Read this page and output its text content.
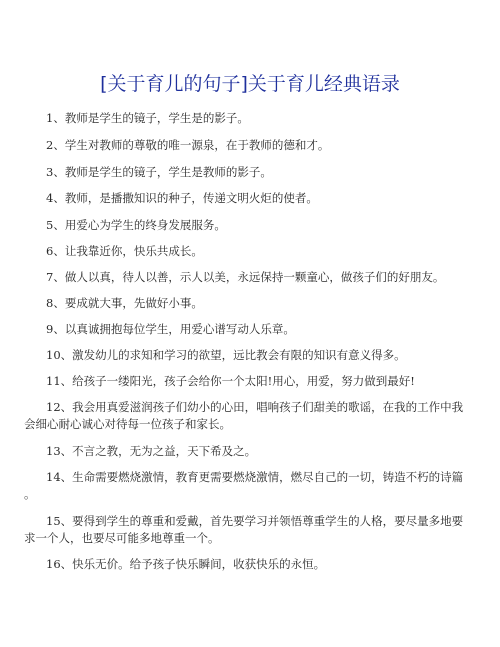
[关于育儿的句子]关于育儿经典语录
1、教师是学生的镜子，学生是的影子。
2、学生对教师的尊敬的唯一源泉，在于教师的德和才。
3、教师是学生的镜子，学生是教师的影子。
4、教师，是播撒知识的种子，传递文明火炬的使者。
5、用爱心为学生的终身发展服务。
6、让我靠近你，快乐共成长。
7、做人以真，待人以善，示人以美，永远保持一颗童心，做孩子们的好朋友。
8、要成就大事，先做好小事。
9、以真诚拥抱每位学生，用爱心谱写动人乐章。
10、激发幼儿的求知和学习的欲望，远比教会有限的知识有意义得多。
11、给孩子一缕阳光，孩子会给你一个太阳!用心，用爱，努力做到最好!
12、我会用真爱滋润孩子们幼小的心田，唱响孩子们甜美的歌谣，在我的工作中我
会细心耐心诚心对待每一位孩子和家长。
13、不言之教，无为之益，天下希及之。
14、生命需要燃烧激情，教育更需要燃烧激情，燃尽自己的一切，铸造不朽的诗篇
。
15、要得到学生的尊重和爱戴，首先要学习并领悟尊重学生的人格，要尽量多地要
求一个人，也要尽可能多地尊重一个。
16、快乐无价。给予孩子快乐瞬间，收获快乐的永恒。
